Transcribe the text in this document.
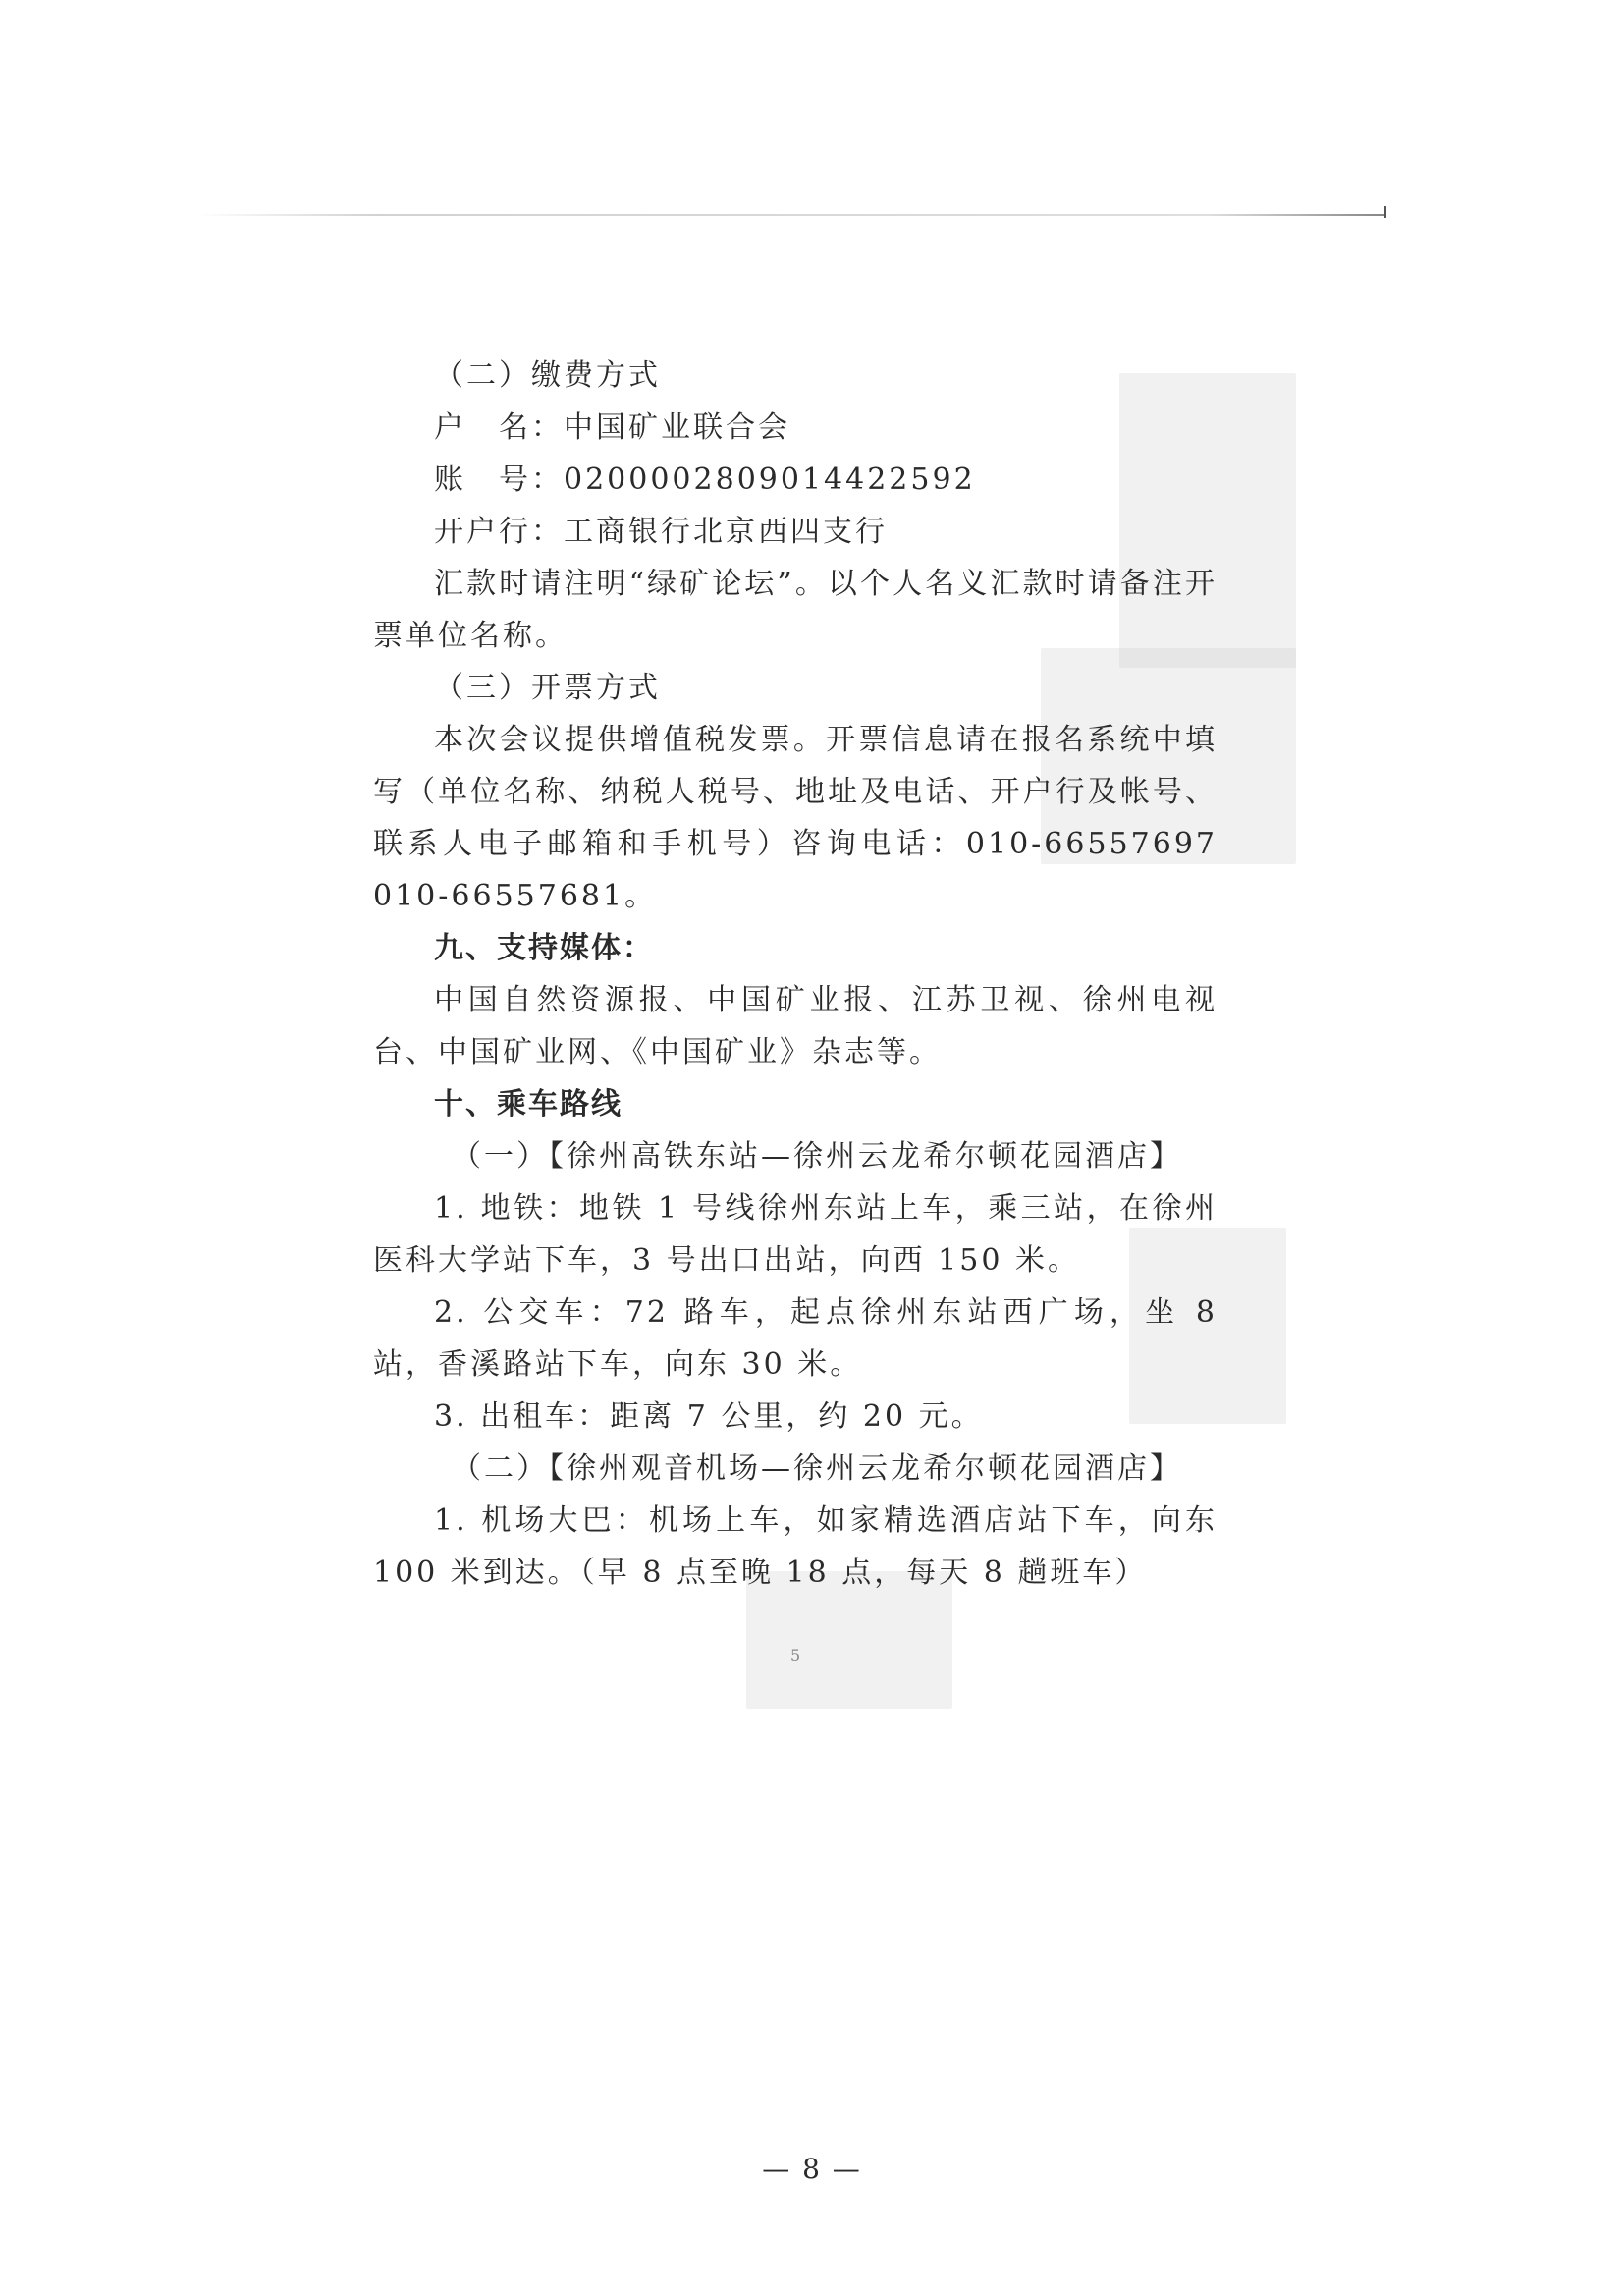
（二）缴费方式
户　名：中国矿业联合会
账　号：0200002809014422592
开户行：工商银行北京西四支行
汇款时请注明“绿矿论坛”。以个人名义汇款时请备注开票单位名称。
（三）开票方式
本次会议提供增值税发票。开票信息请在报名系统中填写（单位名称、纳税人税号、地址及电话、开户行及帐号、联系人电子邮箱和手机号）咨询电话：010-66557697 010-66557681。
九、支持媒体：
中国自然资源报、中国矿业报、江苏卫视、徐州电视台、中国矿业网、《中国矿业》杂志等。
十、乘车路线
（一）【徐州高铁东站—徐州云龙希尔顿花园酒店】
1. 地铁：地铁 1 号线徐州东站上车，乘三站，在徐州医科大学站下车，3 号出口出站，向西 150 米。
2. 公交车：72 路车，起点徐州东站西广场，坐 8 站，香溪路站下车，向东 30 米。
3. 出租车：距离 7 公里，约 20 元。
（二）【徐州观音机场—徐州云龙希尔顿花园酒店】
1. 机场大巴：机场上车，如家精选酒店站下车，向东 100 米到达。（早 8 点至晚 18 点，每天 8 趟班车）
5
— 8 —
